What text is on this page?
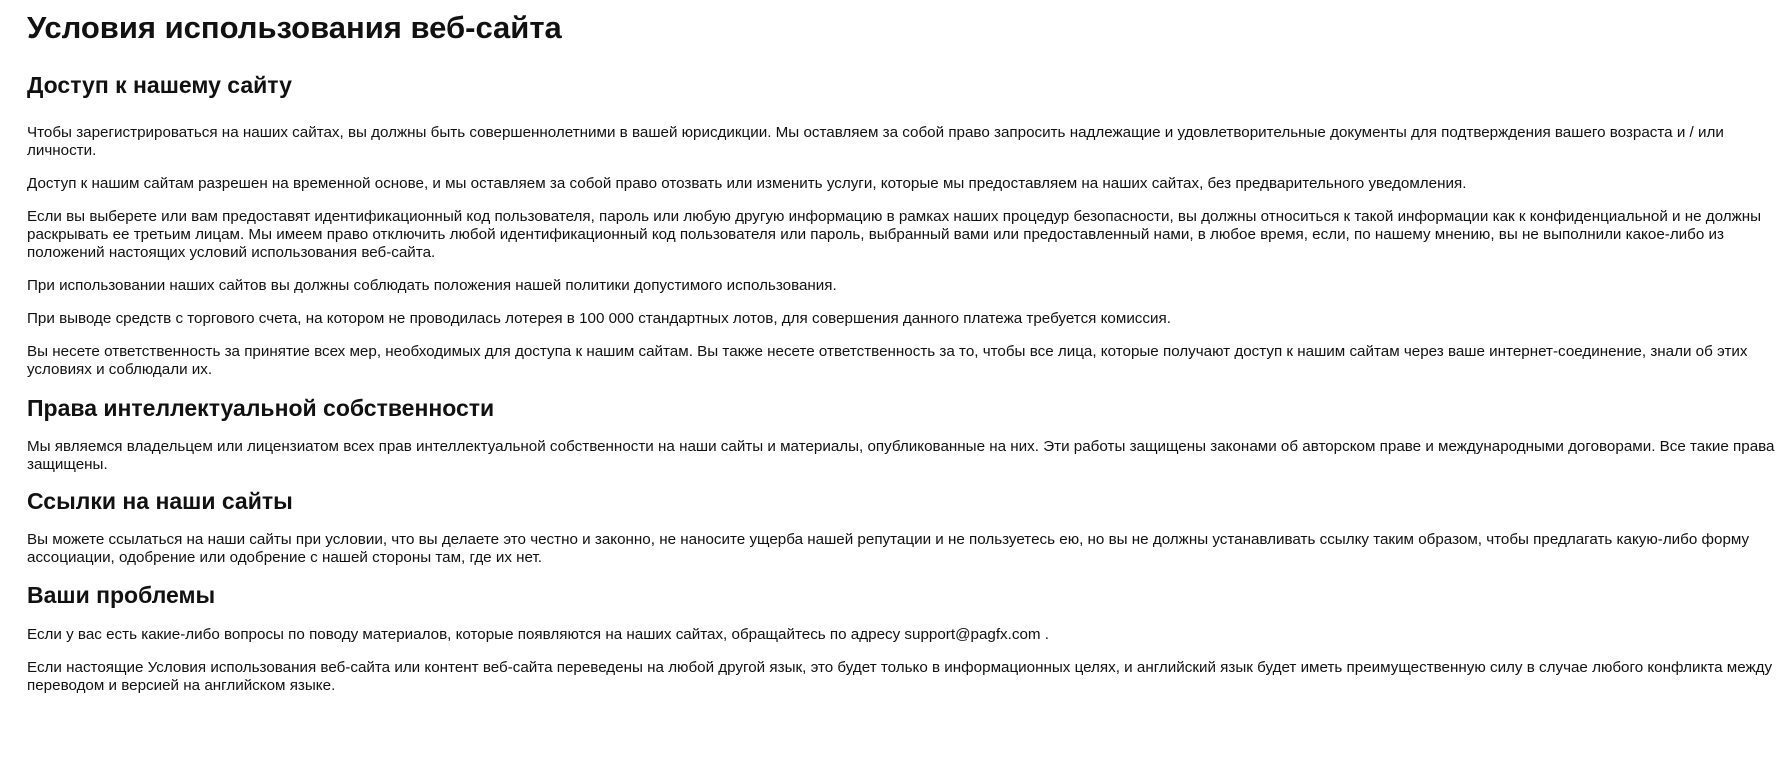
Условия использования веб-сайта
Доступ к нашему сайту

Чтобы зарегистрироваться на наших сайтах, вы должны быть совершеннолетними в вашей юрисдикции. Мы оставляем за собой право запросить надлежащие и удовлетворительные документы для подтверждения вашего возраста и / или личности.

Доступ к нашим сайтам разрешен на временной основе, и мы оставляем за собой право отозвать или изменить услуги, которые мы предоставляем на наших сайтах, без предварительного уведомления.

Если вы выберете или вам предоставят идентификационный код пользователя, пароль или любую другую информацию в рамках наших процедур безопасности, вы должны относиться к такой информации как к конфиденциальной и не должны раскрывать ее третьим лицам. Мы имеем право отключить любой идентификационный код пользователя или пароль, выбранный вами или предоставленный нами, в любое время, если, по нашему мнению, вы не выполнили какое-либо из положений настоящих условий использования веб-сайта.

При использовании наших сайтов вы должны соблюдать положения нашей политики допустимого использования.

При выводе средств с торгового счета, на котором не проводилась лотерея в 100 000 стандартных лотов, для совершения данного платежа требуется комиссия.

Вы несете ответственность за принятие всех мер, необходимых для доступа к нашим сайтам. Вы также несете ответственность за то, чтобы все лица, которые получают доступ к нашим сайтам через ваше интернет-соединение, знали об этих условиях и соблюдали их.

Права интеллектуальной собственности

Мы являемся владельцем или лицензиатом всех прав интеллектуальной собственности на наши сайты и материалы, опубликованные на них. Эти работы защищены законами об авторском праве и международными договорами. Все такие права защищены.

Ссылки на наши сайты

Вы можете ссылаться на наши сайты при условии, что вы делаете это честно и законно, не наносите ущерба нашей репутации и не пользуетесь ею, но вы не должны устанавливать ссылку таким образом, чтобы предлагать какую-либо форму ассоциации, одобрение или одобрение с нашей стороны там, где их нет.

Ваши проблемы

Если у вас есть какие-либо вопросы по поводу материалов, которые появляются на наших сайтах, обращайтесь по адресу support@pagfx.com .

Если настоящие Условия использования веб-сайта или контент веб-сайта переведены на любой другой язык, это будет только в информационных целях, и английский язык будет иметь преимущественную силу в случае любого конфликта между переводом и версией на английском языке.
